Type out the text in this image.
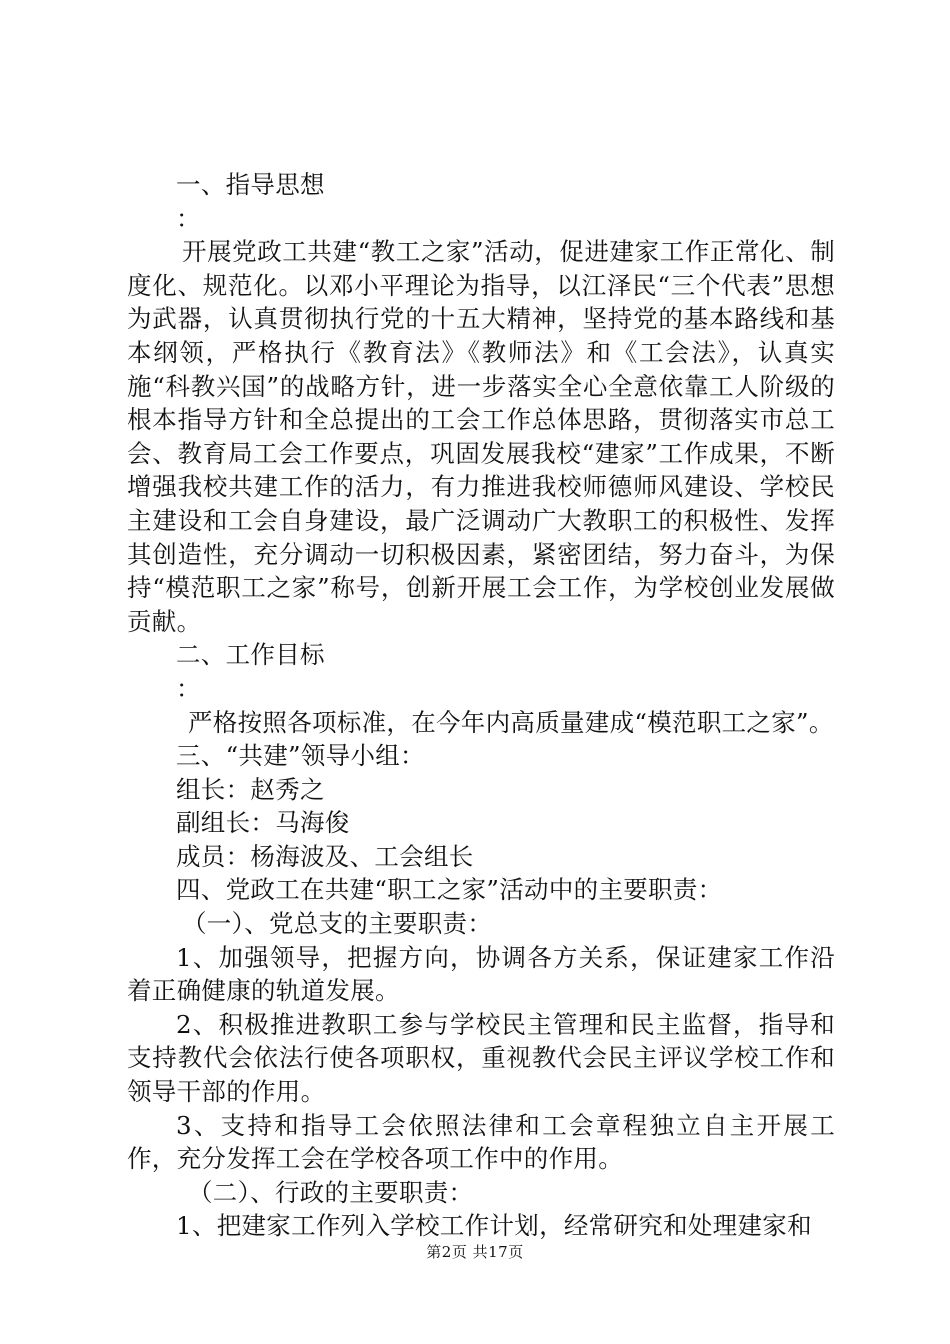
一、指导思想

：

开展党政工共建“教工之家”活动，促进建家工作正常化、制度化、规范化。以邓小平理论为指导，以江泽民“三个代表”思想为武器，认真贯彻执行党的十五大精神，坚持党的基本路线和基本纲领，严格执行《教育法》《教师法》和《工会法》，认真实施“科教兴国”的战略方针，进一步落实全心全意依靠工人阶级的根本指导方针和全总提出的工会工作总体思路，贯彻落实市总工会、教育局工会工作要点，巩固发展我校“建家”工作成果，不断增强我校共建工作的活力，有力推进我校师德师风建设、学校民主建设和工会自身建设，最广泛调动广大教职工的积极性、发挥其创造性，充分调动一切积极因素，紧密团结，努力奋斗，为保持“模范职工之家”称号，创新开展工会工作，为学校创业发展做贡献。

二、工作目标

：

严格按照各项标准，在今年内高质量建成“模范职工之家”。

三、“共建”领导小组：

组长：赵秀之

副组长：马海俊

成员：杨海波及、工会组长

四、党政工在共建“职工之家”活动中的主要职责：

（一）、党总支的主要职责：

1、加强领导，把握方向，协调各方关系，保证建家工作沿着正确健康的轨道发展。

2、积极推进教职工参与学校民主管理和民主监督，指导和支持教代会依法行使各项职权，重视教代会民主评议学校工作和领导干部的作用。

3、支持和指导工会依照法律和工会章程独立自主开展工作，充分发挥工会在学校各项工作中的作用。

（二）、行政的主要职责：

1、把建家工作列入学校工作计划，经常研究和处理建家和

第2页 共17页
